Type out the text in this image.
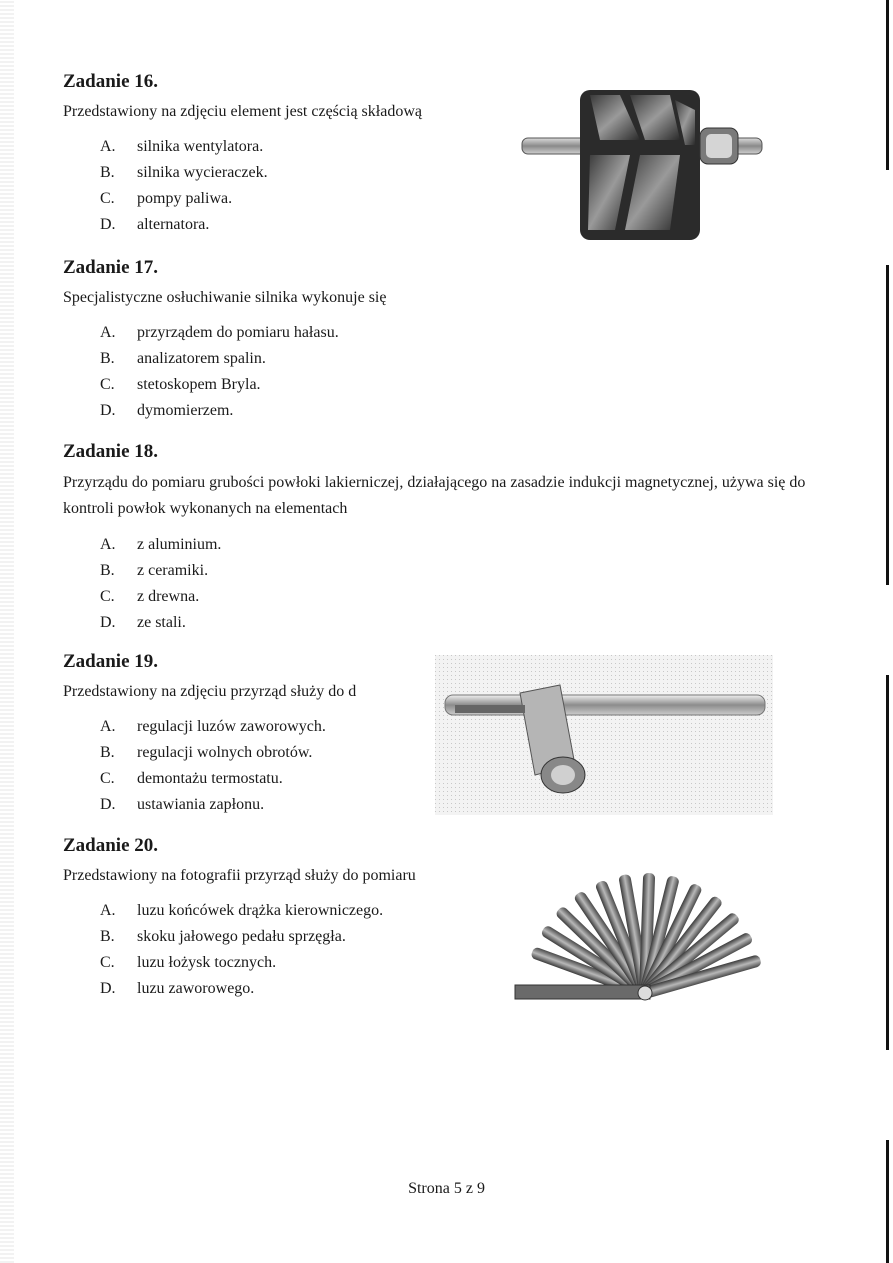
Zadanie 16.
Przedstawiony na zdjęciu element jest częścią składową
A.	silnika wentylatora.
B.	silnika wycieraczek.
C.	pompy paliwa.
D.	alternatora.
Zadanie 17.
Specjalistyczne osłuchiwanie silnika wykonuje się
A.	przyrządem do pomiaru hałasu.
B.	analizatorem spalin.
C.	stetoskopem Bryla.
D.	dymomierzem.
Zadanie 18.
Przyrządu do pomiaru grubości powłoki lakierniczej, działającego na zasadzie indukcji magnetycznej, używa się do kontroli powłok wykonanych na elementach
A.	z aluminium.
B.	z ceramiki.
C.	z drewna.
D.	ze stali.
Zadanie 19.
Przedstawiony na zdjęciu przyrząd służy do d
A.	regulacji luzów zaworowych.
B.	regulacji wolnych obrotów.
C.	demontażu termostatu.
D.	ustawiania zapłonu.
Zadanie 20.
Przedstawiony na fotografii przyrząd służy do pomiaru
A.	luzu końcówek drążka kierowniczego.
B.	skoku jałowego pedału sprzęgła.
C.	luzu łożysk tocznych.
D.	luzu zaworowego.
Strona 5 z 9
